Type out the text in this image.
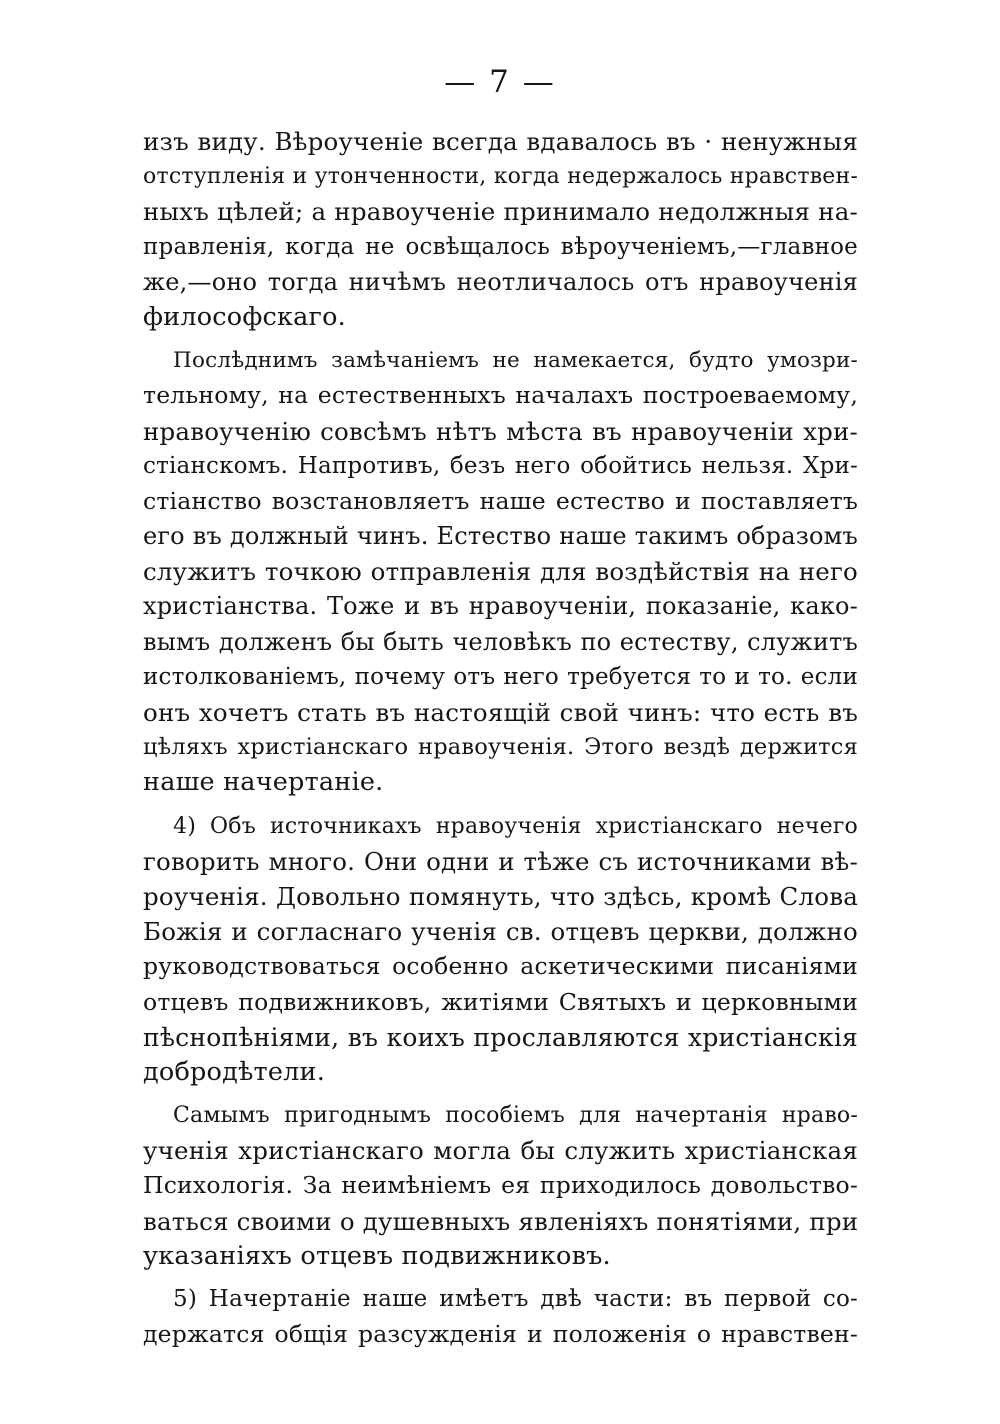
— 7 —
изъ виду. Вѣроученіе всегда вдавалось въ · ненужныя
отступленія и утонченности, когда недержалось нравствен-
ныхъ цѣлей; а нравоученіе принимало недолжныя на-
правленія, когда не освѣщалось вѣроученіемъ,—главное
же,—оно тогда ничѣмъ неотличалось отъ нравоученія
философскаго.
Послѣднимъ замѣчаніемъ не намекается, будто умозри-
тельному, на естественныхъ началахъ построеваемому,
нравоученію совсѣмъ нѣтъ мѣста въ нравоученіи хри-
стіанскомъ. Напротивъ, безъ него обойтись нельзя. Хри-
стіанство возстановляетъ наше естество и поставляетъ
его въ должный чинъ. Естество наше такимъ образомъ
служитъ точкою отправленія для воздѣйствія на него
христіанства. Тоже и въ нравоученіи, показаніе, како-
вымъ долженъ бы быть человѣкъ по естеству, служитъ
истолкованіемъ, почему отъ него требуется то и то. если
онъ хочетъ стать въ настоящій свой чинъ: что есть въ
цѣляхъ христіанскаго нравоученія. Этого вездѣ держится
наше начертаніе.
4) Объ источникахъ нравоученія христіанскаго нечего
говорить много. Они одни и тѣже съ источниками вѣ-
роученія. Довольно помянуть, что здѣсь, кромѣ Слова
Божія и согласнаго ученія св. отцевъ церкви, должно
руководствоваться особенно аскетическими писаніями
отцевъ подвижниковъ, житіями Святыхъ и церковными
пѣснопѣніями, въ коихъ прославляются христіанскія
добродѣтели.
Самымъ пригоднымъ пособіемъ для начертанія нраво-
ученія христіанскаго могла бы служить христіанская
Психологія. За неимѣніемъ ея приходилось довольство-
ваться своими о душевныхъ явленіяхъ понятіями, при
указаніяхъ отцевъ подвижниковъ.
5) Начертаніе наше имѣетъ двѣ части: въ первой со-
держатся общія разсужденія и положенія о нравствен-
